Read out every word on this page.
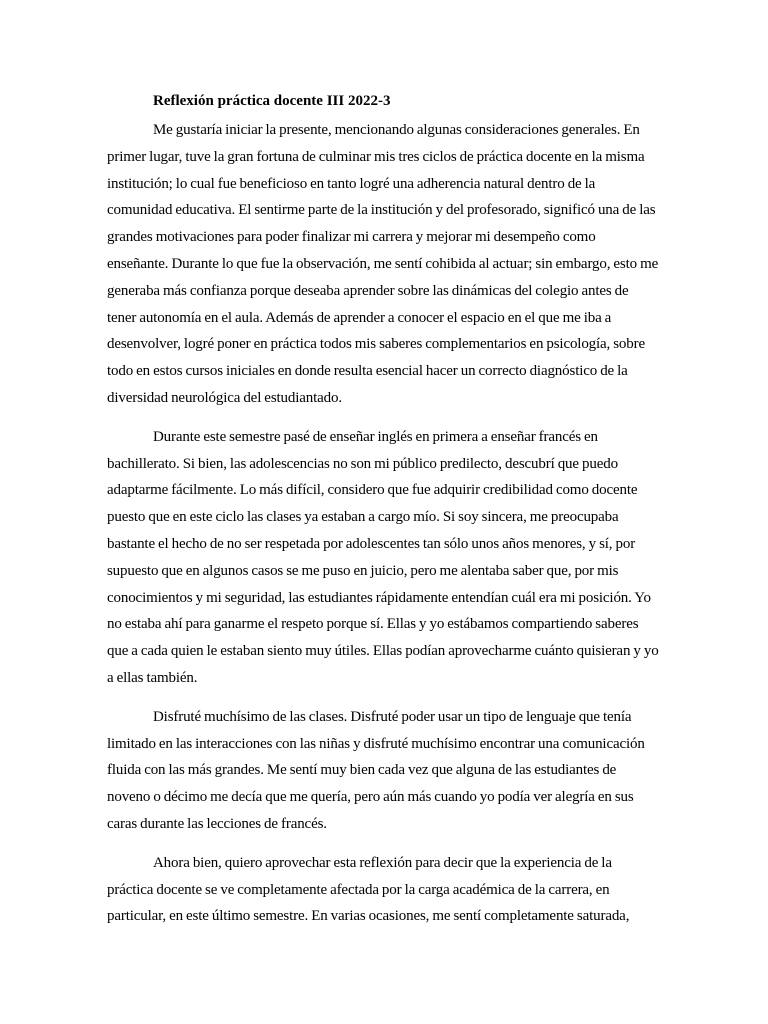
Reflexión práctica docente III 2022-3

Me gustaría iniciar la presente, mencionando algunas consideraciones generales. En primer lugar, tuve la gran fortuna de culminar mis tres ciclos de práctica docente en la misma institución; lo cual fue beneficioso en tanto logré una adherencia natural dentro de la comunidad educativa. El sentirme parte de la institución y del profesorado, significó una de las grandes motivaciones para poder finalizar mi carrera y mejorar mi desempeño como enseñante. Durante lo que fue la observación, me sentí cohibida al actuar; sin embargo, esto me generaba más confianza porque deseaba aprender sobre las dinámicas del colegio antes de tener autonomía en el aula. Además de aprender a conocer el espacio en el que me iba a desenvolver, logré poner en práctica todos mis saberes complementarios en psicología, sobre todo en estos cursos iniciales en donde resulta esencial hacer un correcto diagnóstico de la diversidad neurológica del estudiantado.

Durante este semestre pasé de enseñar inglés en primera a enseñar francés en bachillerato. Si bien, las adolescencias no son mi público predilecto, descubrí que puedo adaptarme fácilmente. Lo más difícil, considero que fue adquirir credibilidad como docente puesto que en este ciclo las clases ya estaban a cargo mío. Si soy sincera, me preocupaba bastante el hecho de no ser respetada por adolescentes tan sólo unos años menores, y sí, por supuesto que en algunos casos se me puso en juicio, pero me alentaba saber que, por mis conocimientos y mi seguridad, las estudiantes rápidamente entendían cuál era mi posición. Yo no estaba ahí para ganarme el respeto porque sí. Ellas y yo estábamos compartiendo saberes que a cada quien le estaban siento muy útiles. Ellas podían aprovecharme cuánto quisieran y yo a ellas también.

Disfruté muchísimo de las clases. Disfruté poder usar un tipo de lenguaje que tenía limitado en las interacciones con las niñas y disfruté muchísimo encontrar una comunicación fluida con las más grandes. Me sentí muy bien cada vez que alguna de las estudiantes de noveno o décimo me decía que me quería, pero aún más cuando yo podía ver alegría en sus caras durante las lecciones de francés.

Ahora bien, quiero aprovechar esta reflexión para decir que la experiencia de la práctica docente se ve completamente afectada por la carga académica de la carrera, en particular, en este último semestre. En varias ocasiones, me sentí completamente saturada,
